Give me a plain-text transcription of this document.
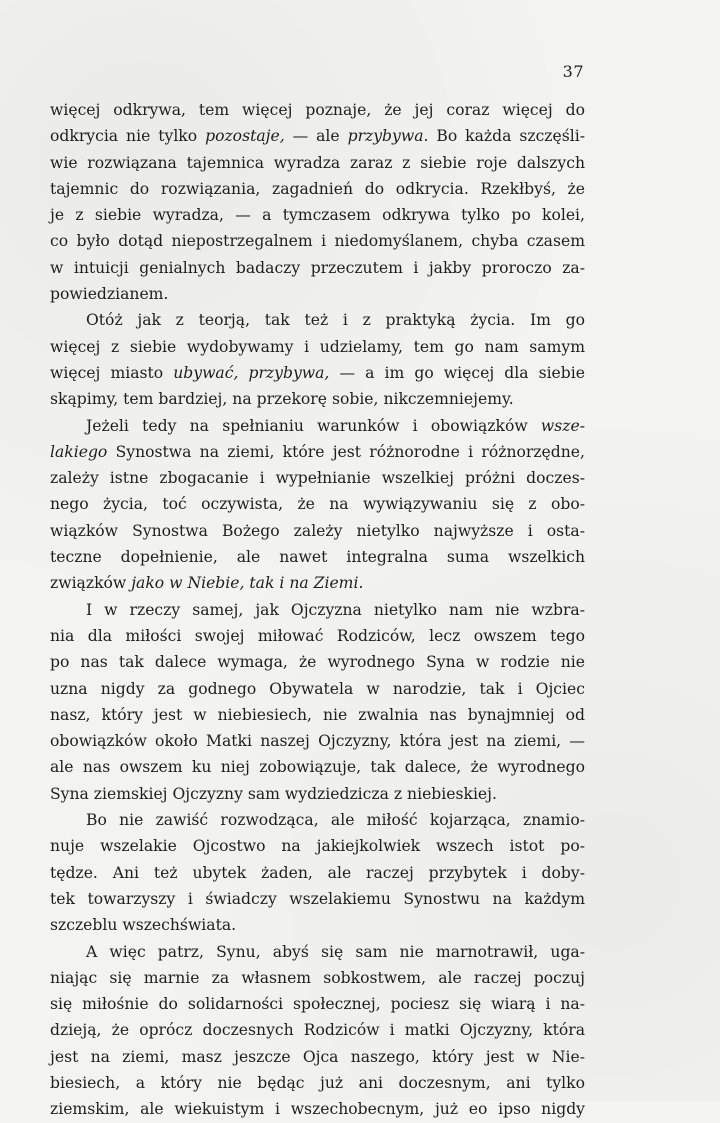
37
więcej odkrywa, tem więcej poznaje, że jej coraz więcej do
odkrycia nie tylko pozostaje, — ale przybywa. Bo każda szczęśli-
wie rozwiązana tajemnica wyradza zaraz z siebie roje dalszych
tajemnic do rozwiązania, zagadnień do odkrycia. Rzekłbyś, że
je z siebie wyradza, — a tymczasem odkrywa tylko po kolei,
co było dotąd niepostrzegalnem i niedomyślanem, chyba czasem
w intuicji genialnych badaczy przeczutem i jakby proroczo za-
powiedzianem.
Otóż jak z teorją, tak też i z praktyką życia. Im go
więcej z siebie wydobywamy i udzielamy, tem go nam samym
więcej miasto ubywać, przybywa, — a im go więcej dla siebie
skąpimy, tem bardziej, na przekorę sobie, nikczemniejemy.
Jeżeli tedy na spełnianiu warunków i obowiązków wsze-
lakiego Synostwa na ziemi, które jest różnorodne i różnorzędne,
zależy istne zbogacanie i wypełnianie wszelkiej próżni doczes-
nego życia, toć oczywista, że na wywiązywaniu się z obo-
wiązków Synostwa Bożego zależy nietylko najwyższe i osta-
teczne dopełnienie, ale nawet integralna suma wszelkich
związków jako w Niebie, tak i na Ziemi.
I w rzeczy samej, jak Ojczyzna nietylko nam nie wzbra-
nia dla miłości swojej miłować Rodziców, lecz owszem tego
po nas tak dalece wymaga, że wyrodnego Syna w rodzie nie
uzna nigdy za godnego Obywatela w narodzie, tak i Ojciec
nasz, który jest w niebiesiech, nie zwalnia nas bynajmniej od
obowiązków około Matki naszej Ojczyzny, która jest na ziemi, —
ale nas owszem ku niej zobowiązuje, tak dalece, że wyrodnego
Syna ziemskiej Ojczyzny sam wydziedzicza z niebieskiej.
Bo nie zawiść rozwodząca, ale miłość kojarząca, znamio-
nuje wszelakie Ojcostwo na jakiejkolwiek wszech istot po-
tędze. Ani też ubytek żaden, ale raczej przybytek i doby-
tek towarzyszy i świadczy wszelakiemu Synostwu na każdym
szczeblu wszechświata.
A więc patrz, Synu, abyś się sam nie marnotrawił, uga-
niając się marnie za własnem sobkostwem, ale raczej poczuj
się miłośnie do solidarności społecznej, pociesz się wiarą i na-
dzieją, że oprócz doczesnych Rodziców i matki Ojczyzny, która
jest na ziemi, masz jeszcze Ojca naszego, który jest w Nie-
biesiech, a który nie będąc już ani doczesnym, ani tylko
ziemskim, ale wiekuistym i wszechobecnym, już eo ipso nigdy
